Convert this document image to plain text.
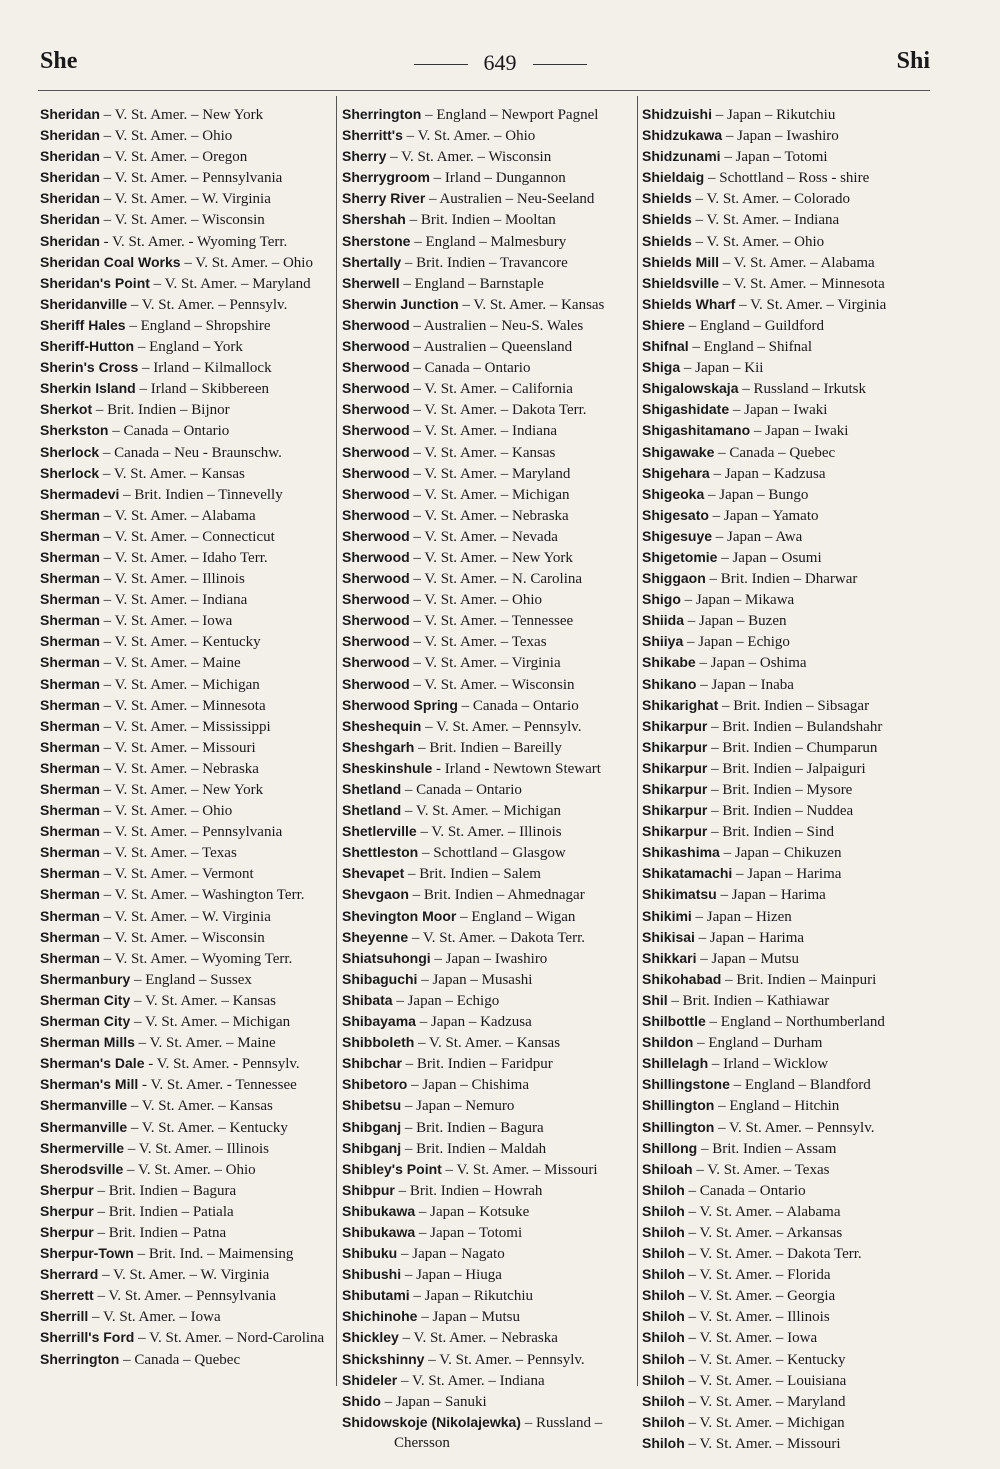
She	649	Shi
Sheridan – V. St. Amer. – New York
Sheridan – V. St. Amer. – Ohio
Sheridan – V. St. Amer. – Oregon
Sheridan – V. St. Amer. – Pennsylvania
Sheridan – V. St. Amer. – W. Virginia
Sheridan – V. St. Amer. – Wisconsin
Sheridan - V. St. Amer. - Wyoming Terr.
Sheridan Coal Works – V. St. Amer. – Ohio
Sheridan's Point – V. St. Amer. – Maryland
Sheridanville – V. St. Amer. – Pennsylv.
Sheriff Hales – England – Shropshire
Sheriff-Hutton – England – York
Sherin's Cross – Irland – Kilmallock
Sherkin Island – Irland – Skibbereen
Sherkot – Brit. Indien – Bijnor
Sherkston – Canada – Ontario
Sherlock – Canada – Neu - Braunschw.
Sherlock – V. St. Amer. – Kansas
Shermadevi – Brit. Indien – Tinnevelly
Sherman – V. St. Amer. – Alabama
Sherman – V. St. Amer. – Connecticut
Sherman – V. St. Amer. – Idaho Terr.
Sherman – V. St. Amer. – Illinois
Sherman – V. St. Amer. – Indiana
Sherman – V. St. Amer. – Iowa
Sherman – V. St. Amer. – Kentucky
Sherman – V. St. Amer. – Maine
Sherman – V. St. Amer. – Michigan
Sherman – V. St. Amer. – Minnesota
Sherman – V. St. Amer. – Mississippi
Sherman – V. St. Amer. – Missouri
Sherman – V. St. Amer. – Nebraska
Sherman – V. St. Amer. – New York
Sherman – V. St. Amer. – Ohio
Sherman – V. St. Amer. – Pennsylvania
Sherman – V. St. Amer. – Texas
Sherman – V. St. Amer. – Vermont
Sherman – V. St. Amer. – Washington Terr.
Sherman – V. St. Amer. – W. Virginia
Sherman – V. St. Amer. – Wisconsin
Sherman – V. St. Amer. – Wyoming Terr.
Shermanbury – England – Sussex
Sherman City – V. St. Amer. – Kansas
Sherman City – V. St. Amer. – Michigan
Sherman Mills – V. St. Amer. – Maine
Sherman's Dale - V. St. Amer. - Pennsylv.
Sherman's Mill - V. St. Amer. - Tennessee
Shermanville – V. St. Amer. – Kansas
Shermanville – V. St. Amer. – Kentucky
Shermerville – V. St. Amer. – Illinois
Sherodsville – V. St. Amer. – Ohio
Sherpur – Brit. Indien – Bagura
Sherpur – Brit. Indien – Patiala
Sherpur – Brit. Indien – Patna
Sherpur-Town – Brit. Ind. – Maimensing
Sherrard – V. St. Amer. – W. Virginia
Sherrett – V. St. Amer. – Pennsylvania
Sherrill – V. St. Amer. – Iowa
Sherrill's Ford – V. St. Amer. – Nord-Carolina
Sherrington – Canada – Quebec
Sherrington – England – Newport Pagnel
Sherritt's – V. St. Amer. – Ohio
Sherry – V. St. Amer. – Wisconsin
Sherrygroom – Irland – Dungannon
Sherry River – Australien – Neu-Seeland
Shershah – Brit. Indien – Mooltan
Sherstone – England – Malmesbury
Shertally – Brit. Indien – Travancore
Sherwell – England – Barnstaple
Sherwin Junction – V. St. Amer. – Kansas
Sherwood – Australien – Neu-S. Wales
Sherwood – Australien – Queensland
Sherwood – Canada – Ontario
Sherwood – V. St. Amer. – California
Sherwood – V. St. Amer. – Dakota Terr.
Sherwood – V. St. Amer. – Indiana
Sherwood – V. St. Amer. – Kansas
Sherwood – V. St. Amer. – Maryland
Sherwood – V. St. Amer. – Michigan
Sherwood – V. St. Amer. – Nebraska
Sherwood – V. St. Amer. – Nevada
Sherwood – V. St. Amer. – New York
Sherwood – V. St. Amer. – N. Carolina
Sherwood – V. St. Amer. – Ohio
Sherwood – V. St. Amer. – Tennessee
Sherwood – V. St. Amer. – Texas
Sherwood – V. St. Amer. – Virginia
Sherwood – V. St. Amer. – Wisconsin
Sherwood Spring – Canada – Ontario
Sheshequin – V. St. Amer. – Pennsylv.
Sheshgarh – Brit. Indien – Bareilly
Sheskinshule - Irland - Newtown Stewart
Shetland – Canada – Ontario
Shetland – V. St. Amer. – Michigan
Shetlerville – V. St. Amer. – Illinois
Shettleston – Schottland – Glasgow
Shevapet – Brit. Indien – Salem
Shevgaon – Brit. Indien – Ahmednagar
Shevington Moor – England – Wigan
Sheyenne – V. St. Amer. – Dakota Terr.
Shiatsuhongi – Japan – Iwashiro
Shibaguchi – Japan – Musashi
Shibata – Japan – Echigo
Shibayama – Japan – Kadzusa
Shibboleth – V. St. Amer. – Kansas
Shibchar – Brit. Indien – Faridpur
Shibetoro – Japan – Chishima
Shibetsu – Japan – Nemuro
Shibganj – Brit. Indien – Bagura
Shibganj – Brit. Indien – Maldah
Shibley's Point – V. St. Amer. – Missouri
Shibpur – Brit. Indien – Howrah
Shibukawa – Japan – Kotsuke
Shibukawa – Japan – Totomi
Shibuku – Japan – Nagato
Shibushi – Japan – Hiuga
Shibutami – Japan – Rikutchiu
Shichinohe – Japan – Mutsu
Shickley – V. St. Amer. – Nebraska
Shickshinny – V. St. Amer. – Pennsylv.
Shideler – V. St. Amer. – Indiana
Shido – Japan – Sanuki
Shidowskoje (Nikolajewka) – Russland – Chersson
Shidzuishi – Japan – Rikutchiu
Shidzukawa – Japan – Iwashiro
Shidzunami – Japan – Totomi
Shieldaig – Schottland – Ross - shire
Shields – V. St. Amer. – Colorado
Shields – V. St. Amer. – Indiana
Shields – V. St. Amer. – Ohio
Shields Mill – V. St. Amer. – Alabama
Shieldsville – V. St. Amer. – Minnesota
Shields Wharf – V. St. Amer. – Virginia
Shiere – England – Guildford
Shifnal – England – Shifnal
Shiga – Japan – Kii
Shigalowskaja – Russland – Irkutsk
Shigashidate – Japan – Iwaki
Shigashitamano – Japan – Iwaki
Shigawake – Canada – Quebec
Shigehara – Japan – Kadzusa
Shigeoka – Japan – Bungo
Shigesato – Japan – Yamato
Shigesuye – Japan – Awa
Shigetomie – Japan – Osumi
Shiggaon – Brit. Indien – Dharwar
Shigo – Japan – Mikawa
Shiida – Japan – Buzen
Shiiya – Japan – Echigo
Shikabe – Japan – Oshima
Shikano – Japan – Inaba
Shikarighat – Brit. Indien – Sibsagar
Shikarpur – Brit. Indien – Bulandshahr
Shikarpur – Brit. Indien – Chumparun
Shikarpur – Brit. Indien – Jalpaiguri
Shikarpur – Brit. Indien – Mysore
Shikarpur – Brit. Indien – Nuddea
Shikarpur – Brit. Indien – Sind
Shikashima – Japan – Chikuzen
Shikatamachi – Japan – Harima
Shikimatsu – Japan – Harima
Shikimi – Japan – Hizen
Shikisai – Japan – Harima
Shikkari – Japan – Mutsu
Shikohabad – Brit. Indien – Mainpuri
Shil – Brit. Indien – Kathiawar
Shilbottle – England – Northumberland
Shildon – England – Durham
Shillelagh – Irland – Wicklow
Shillingstone – England – Blandford
Shillington – England – Hitchin
Shillington – V. St. Amer. – Pennsylv.
Shillong – Brit. Indien – Assam
Shiloah – V. St. Amer. – Texas
Shiloh – Canada – Ontario
Shiloh – V. St. Amer. – Alabama
Shiloh – V. St. Amer. – Arkansas
Shiloh – V. St. Amer. – Dakota Terr.
Shiloh – V. St. Amer. – Florida
Shiloh – V. St. Amer. – Georgia
Shiloh – V. St. Amer. – Illinois
Shiloh – V. St. Amer. – Iowa
Shiloh – V. St. Amer. – Kentucky
Shiloh – V. St. Amer. – Louisiana
Shiloh – V. St. Amer. – Maryland
Shiloh – V. St. Amer. – Michigan
Shiloh – V. St. Amer. – Missouri
